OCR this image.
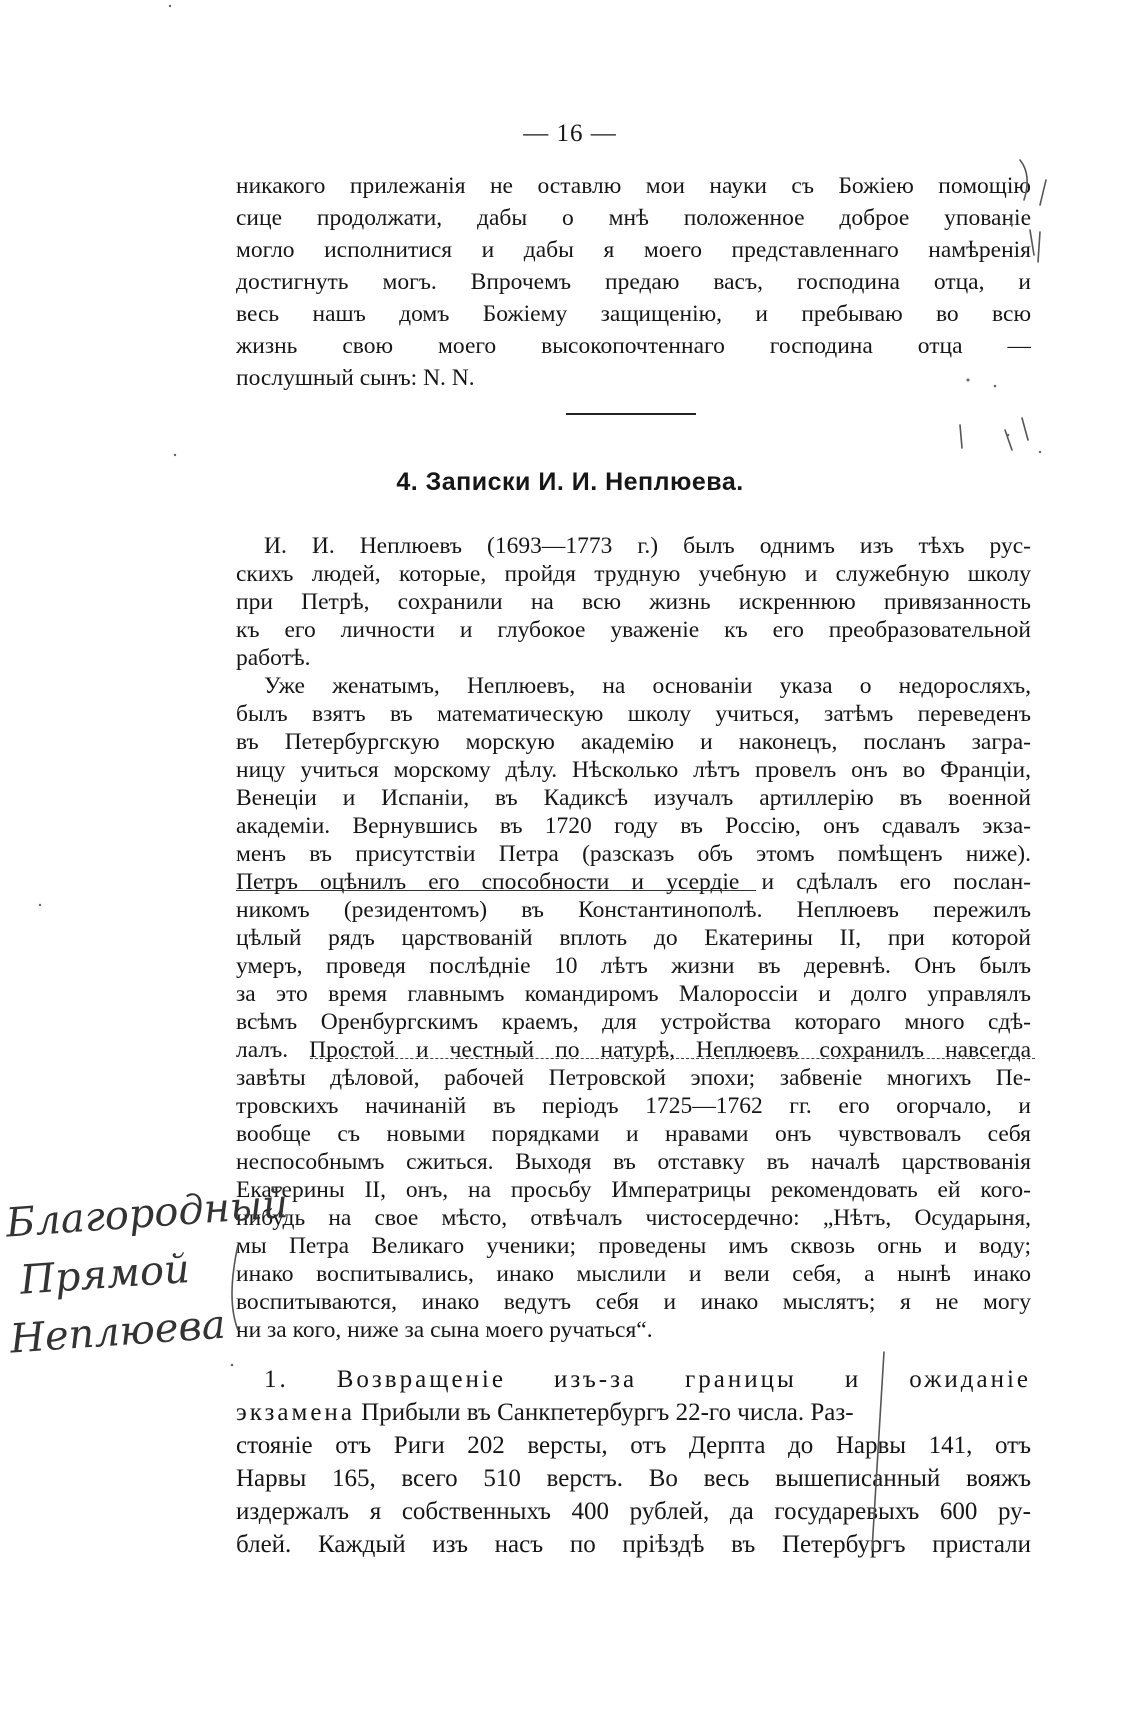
— 16 —
никакого прилежанія не оставлю мои науки съ Божіею помощію
сице продолжати, дабы о мнѣ положенное доброе упованіе
могло исполнитися и дабы я моего представленнаго намѣренія
достигнуть могъ. Впрочемъ предаю васъ, господина отца, и
весь нашъ домъ Божіему защищенію, и пребываю во всю
жизнь свою моего высокопочтеннаго господина отца —
послушный сынъ: N. N.
4. Записки И. И. Неплюева.
И. И. Неплюевъ (1693—1773 г.) былъ однимъ изъ тѣхъ рус-
скихъ людей, которые, пройдя трудную учебную и служебную школу
при Петрѣ, сохранили на всю жизнь искреннюю привязанность
къ его личности и глубокое уваженіе къ его преобразовательной
работѣ.
Уже женатымъ, Неплюевъ, на основаніи указа о недоросляхъ,
былъ взятъ въ математическую школу учиться, затѣмъ переведенъ
въ Петербургскую морскую академію и наконецъ, посланъ загра-
ницу учиться морскому дѣлу. Нѣсколько лѣтъ провелъ онъ во Франціи,
Венеціи и Испаніи, въ Кадиксѣ изучалъ артиллерію въ военной
академіи. Вернувшись въ 1720 году въ Россію, онъ сдавалъ экза-
менъ въ присутствіи Петра (разсказъ объ этомъ помѣщенъ ниже).
Петръ оцѣнилъ его способности и усердіе и сдѣлалъ его послан-
никомъ (резидентомъ) въ Константинополѣ. Неплюевъ пережилъ
цѣлый рядъ царствованій вплоть до Екатерины II, при которой
умеръ, проведя послѣдніе 10 лѣтъ жизни въ деревнѣ. Онъ былъ
за это время главнымъ командиромъ Малороссіи и долго управлялъ
всѣмъ Оренбургскимъ краемъ, для устройства котораго много сдѣ-
лалъ. Простой и честный по натурѣ, Неплюевъ сохранилъ навсегда
завѣты дѣловой, рабочей Петровской эпохи; забвеніе многихъ Пе-
тровскихъ начинаній въ періодъ 1725—1762 гг. его огорчало, и
вообще съ новыми порядками и нравами онъ чувствовалъ себя
неспособнымъ сжиться. Выходя въ отставку въ началѣ царствованія
Екатерины II, онъ, на просьбу Императрицы рекомендовать ей кого-
нибудь на свое мѣсто, отвѣчалъ чистосердечно: „Нѣтъ, Осударыня,
мы Петра Великаго ученики; проведены имъ сквозь огнь и воду;
инако воспитывались, инако мыслили и вели себя, а нынѣ инако
воспитываются, инако ведутъ себя и инако мыслятъ; я не могу
ни за кого, ниже за сына моего ручаться“.
1. Возвращеніе изъ-за границы и ожиданіе
экзамена Прибыли въ Санкпетербургъ 22-го числа. Раз-
стояніе отъ Риги 202 версты, отъ Дерпта до Нарвы 141, отъ
Нарвы 165, всего 510 верстъ. Во весь вышеписанный вояжъ
издержалъ я собственныхъ 400 рублей, да государевыхъ 600 ру-
блей. Каждый изъ насъ по пріѣздѣ въ Петербургъ пристали
Благородный
Прямой
Неплюева
